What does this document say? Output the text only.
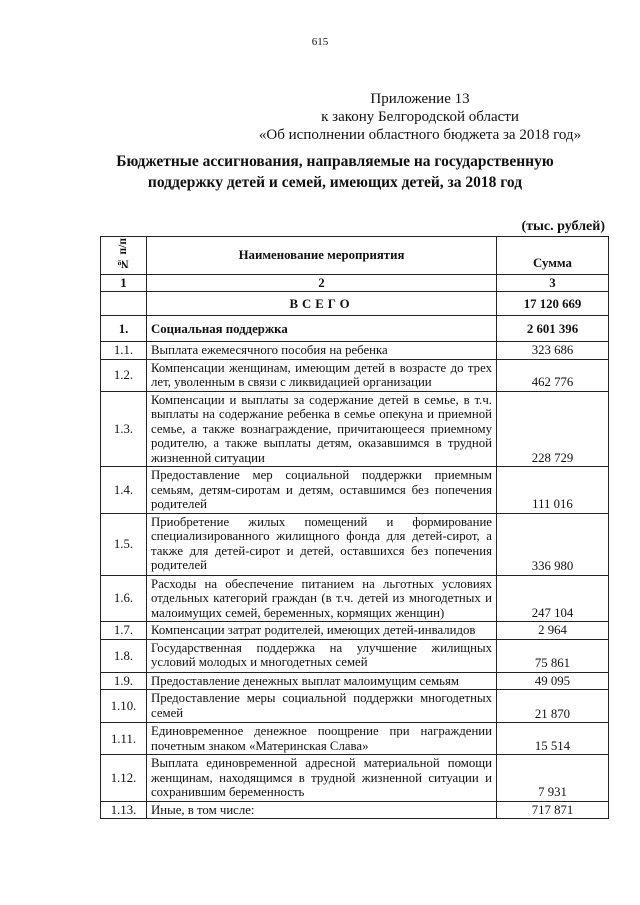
615
Приложение 13
к закону Белгородской области
«Об исполнении областного бюджета за 2018 год»
Бюджетные ассигнования, направляемые на государственную
поддержку детей и семей, имеющих детей, за 2018 год
(тыс. рублей)
№ п/п	Наименование мероприятия	Сумма
1	2	3
	ВСЕГО	17 120 669
1.	Социальная поддержка	2 601 396
1.1.	Выплата ежемесячного пособия на ребенка	323 686
1.2.	Компенсации женщинам, имеющим детей в возрасте до трех лет, уволенным в связи с ликвидацией организации	462 776
1.3.	Компенсации и выплаты за содержание детей в семье, в т.ч. выплаты на содержание ребенка в семье опекуна и приемной семье, а также вознаграждение, причитающееся приемному родителю, а также выплаты детям, оказавшимся в трудной жизненной ситуации	228 729
1.4.	Предоставление мер социальной поддержки приемным семьям, детям-сиротам и детям, оставшимся без попечения родителей	111 016
1.5.	Приобретение жилых помещений и формирование специализированного жилищного фонда для детей-сирот, а также для детей-сирот и детей, оставшихся без попечения родителей	336 980
1.6.	Расходы на обеспечение питанием на льготных условиях отдельных категорий граждан (в т.ч. детей из многодетных и малоимущих семей, беременных, кормящих женщин)	247 104
1.7.	Компенсации затрат родителей, имеющих детей-инвалидов	2 964
1.8.	Государственная поддержка на улучшение жилищных условий молодых и многодетных семей	75 861
1.9.	Предоставление денежных выплат малоимущим семьям	49 095
1.10.	Предоставление меры социальной поддержки многодетных семей	21 870
1.11.	Единовременное денежное поощрение при награждении почетным знаком «Материнская Слава»	15 514
1.12.	Выплата единовременной адресной материальной помощи женщинам, находящимся в трудной жизненной ситуации и сохранившим беременность	7 931
1.13.	Иные, в том числе:	717 871
